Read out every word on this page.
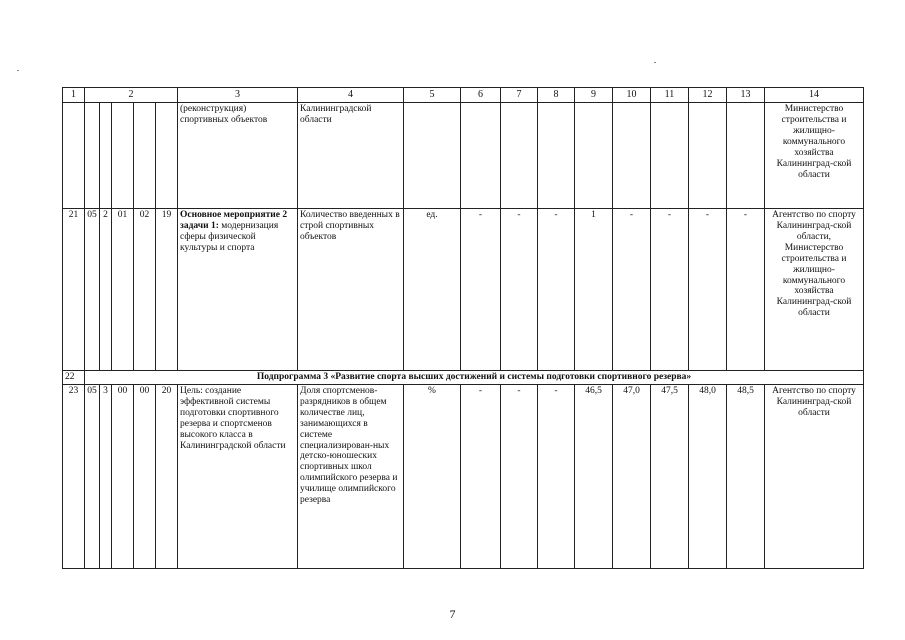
1	2					3	4	5	6	7	8	9	10	11	12	13	14
						(реконструкция) спортивных объектов	Калининградской области										Министерство строительства и жилищно-коммунального хозяйства Калининград-ской области
21	05	2	01	02	19	Основное мероприятие 2 задачи 1: модернизация сферы физической культуры и спорта	Количество введенных в строй спортивных объектов	ед.	-	-	-	1	-	-	-	-	Агентство по спорту Калининград-ской области, Министерство строительства и жилищно-коммунального хозяйства Калининград-ской области
22	Подпрограмма 3 «Развитие спорта высших достижений и системы подготовки спортивного резерва»																
23	05	3	00	00	20	Цель: создание эффективной системы подготовки спортивного резерва и спортсменов высокого класса в Калининградской области	Доля спортсменов-разрядников в общем количестве лиц, занимающихся в системе специализирован-ных детско-юношеских спортивных школ олимпийского резерва и училище олимпийского резерва	%	-	-	-	46,5	47,0	47,5	48,0	48,5	Агентство по спорту Калининград-ской области
7
